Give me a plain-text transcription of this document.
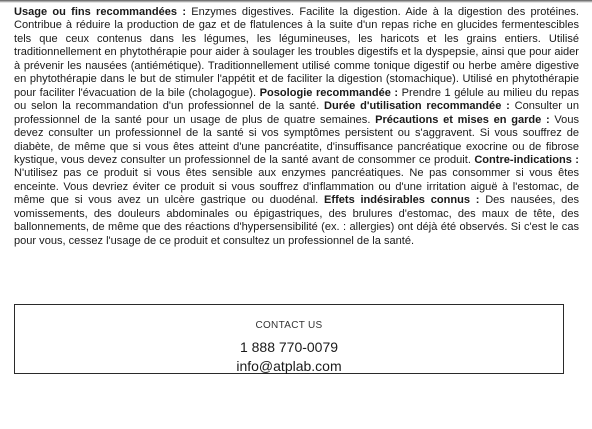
Usage ou fins recommandées : Enzymes digestives. Facilite la digestion. Aide à la digestion des protéines. Contribue à réduire la production de gaz et de flatulences à la suite d'un repas riche en glucides fermentescibles tels que ceux contenus dans les légumes, les légumineuses, les haricots et les grains entiers. Utilisé traditionnellement en phytothérapie pour aider à soulager les troubles digestifs et la dyspepsie, ainsi que pour aider à prévenir les nausées (antiémétique). Traditionnellement utilisé comme tonique digestif ou herbe amère digestive en phytothérapie dans le but de stimuler l'appétit et de faciliter la digestion (stomachique). Utilisé en phytothérapie pour faciliter l'évacuation de la bile (cholagogue). Posologie recommandée : Prendre 1 gélule au milieu du repas ou selon la recommandation d'un professionnel de la santé. Durée d'utilisation recommandée : Consulter un professionnel de la santé pour un usage de plus de quatre semaines. Précautions et mises en garde : Vous devez consulter un professionnel de la santé si vos symptômes persistent ou s'aggravent. Si vous souffrez de diabète, de même que si vous êtes atteint d'une pancréatite, d'insuffisance pancréatique exocrine ou de fibrose kystique, vous devez consulter un professionnel de la santé avant de consommer ce produit. Contre-indications : N'utilisez pas ce produit si vous êtes sensible aux enzymes pancréatiques. Ne pas consommer si vous êtes enceinte. Vous devriez éviter ce produit si vous souffrez d'inflammation ou d'une irritation aiguë à l'estomac, de même que si vous avez un ulcère gastrique ou duodénal. Effets indésirables connus : Des nausées, des vomissements, des douleurs abdominales ou épigastriques, des brulures d'estomac, des maux de tête, des ballonnements, de même que des réactions d'hypersensibilité (ex. : allergies) ont déjà été observés. Si c'est le cas pour vous, cessez l'usage de ce produit et consultez un professionnel de la santé.
CONTACT US
1 888 770-0079
info@atplab.com
